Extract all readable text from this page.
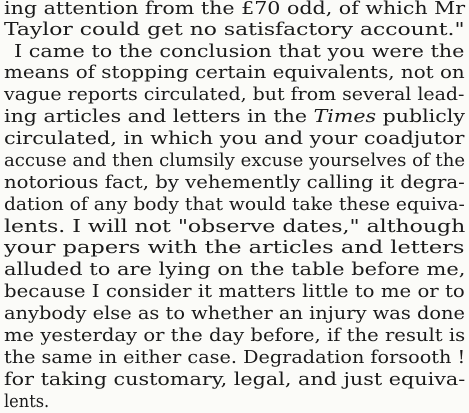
ing attention from the £70 odd, of which Mr
Taylor could get no satisfactory account."
I came to the conclusion that you were the
means of stopping certain equivalents, not on
vague reports circulated, but from several lead-
ing articles and letters in the Times publicly
circulated, in which you and your coadjutor
accuse and then clumsily excuse yourselves of the
notorious fact, by vehemently calling it degra-
dation of any body that would take these equiva-
lents. I will not "observe dates," although
your papers with the articles and letters
alluded to are lying on the table before me,
because I consider it matters little to me or to
anybody else as to whether an injury was done
me yesterday or the day before, if the result is
the same in either case. Degradation forsooth !
for taking customary, legal, and just equiva-
lents.
